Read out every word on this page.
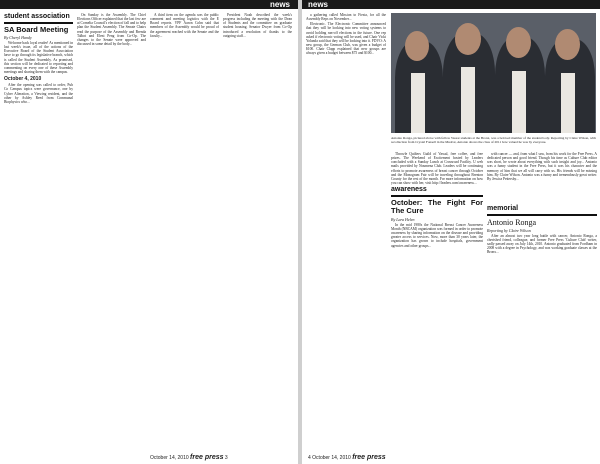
news
student association
SA Board Meeting
By Cheryl Handy

Welcome back loyal reader! As mentioned in last week's issue, all of the actions of the Executive Board of the Student Association have to go through its legislative branch, which is called the Student Assembly. As promised, this section will be dedicated to reporting and commenting on every one of these Assembly meetings and sharing them with the campus.

October 4, 2010

After the opening was called to order, Pub Co Campus topics were governance, one by Cyber Alteration, a Viewing resident, and the other by Ashley Reed from Communal Biophysics who...

On Sunday is the Assembly. The Chief Elections Officer explained that the last few are at Cornelia Council's election of fall and to help plan the Student Assembly. The Senate Chairs read the purpose of the Assembly and Brenda Talbot and Eleni Peng from Co-Op. The changes to the Senate were approved and discussed in some detail by the body...

A third item on the agenda was the public comment and meeting logistics with the E Board reports. VPF Aaron Cohn said that members of the Assembly would be proud of the agreement reached with the Senate and the faculty...

President Noah described the week's progress including the meeting with the Dean of Students and the committee on graduate student housing. Senator Dwyer from Co-Op introduced a resolution of thanks to the outgoing staff...

October 14, 2010 free press 3
news

a gathering called Mission to Fiesta, for all the Assembly Reps on November...

Electronic. The Electronic Committee announced that they will be looking into new voting systems to avoid holding run-off elections in the future. One rep asked if electronic voting will be used, and Chair Vicki Yolanda said that they will be looking into it. FDVO: A new group, the German Club, was given a budget of $100. Chair Clapp explained that new groups are always given a budget between $75 and $100...

Antonio Ronga, pictured above with fellow Vassar students at the Bronx, was a beloved member of the student body. Reporting by Claire Wilson, with recollection from Crystal Fonsell in the Mudcat, Antonio shows the class of 2011 how valued he was by everyone.

Throwle Quilters Guild of Vassal, free coffee, and free prizes. The Weekend of Excitement hosted by Leaders concluded with a Sunday Lunch at Crossroad Facility. U web mails provided by Noumena Club. Leaders will be continuing efforts to promote awareness of breast cancer through October and the Monogram Fair will be traveling throughout Brenton County for the rest of the month. For more information on how you can show with her, visit http://leaders.com/awareness...

awareness
October: The Fight For The Cure
By Lara Helen

In the mid 1980s the National Breast Cancer Awareness Month (NBCAM) organization was formed in order to promote awareness by sharing information on the disease and providing greater access to services. Now, more than 30 years later, the organization has grown to include hospitals, government agencies and other groups...

with cancer — and, from what I saw, from his work for the Free Press. A dedicated person and good friend. Though his time as Culture Club editor was short, he wrote about everything with such insight and joy... Antonio was a funny student in the Free Press, but it was his character and the memory of him that we all will carry with us. His friends will be missing him. By Claire Wilson. Antonio was a funny and tremendously great writer. By Jessica Pettersby...

memorial
Antonio Ronga
Reporting by Claire Wilson

After an almost two year long battle with cancer, Antonio Ronga, a cherished friend, colleague, and former Free Press 'Culture Club' writer, sadly passed away on July 14th, 2010. Antonio graduated from Fordham in 2008 with a degree in Psychology, and was working graduate classes at the Bronx...

4 October 14, 2010 free press
